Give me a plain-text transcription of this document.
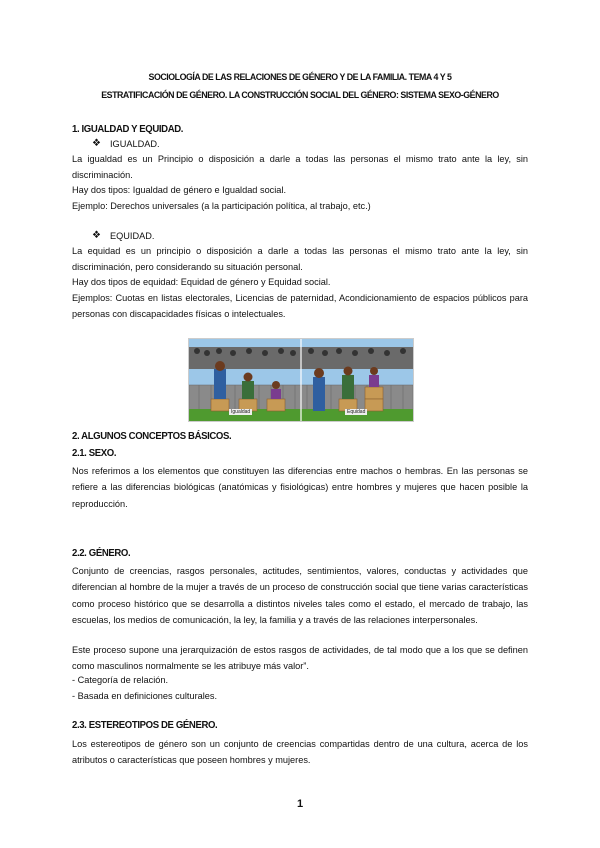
SOCIOLOGÍA DE LAS RELACIONES DE GÉNERO Y DE LA FAMILIA. TEMA 4 Y 5
ESTRATIFICACIÓN DE GÉNERO. LA CONSTRUCCIÓN SOCIAL DEL GÉNERO: SISTEMA SEXO-GÉNERO
1. IGUALDAD Y EQUIDAD.
❖ IGUALDAD.
La igualdad es un Principio o disposición a darle a todas las personas el mismo trato ante la ley, sin discriminación.
Hay dos tipos: Igualdad de género e Igualdad social.
Ejemplo: Derechos universales (a la participación política, al trabajo, etc.)
❖ EQUIDAD.
La equidad es un principio o disposición a darle a todas las personas el mismo trato ante la ley, sin discriminación, pero considerando su situación personal.
Hay dos tipos de equidad: Equidad de género y Equidad social.
Ejemplos: Cuotas en listas electorales, Licencias de paternidad, Acondicionamiento de espacios públicos para personas con discapacidades físicas o intelectuales.
Igualdad	Equidad
2. ALGUNOS CONCEPTOS BÁSICOS.
2.1. SEXO.
Nos referimos a los elementos que constituyen las diferencias entre machos o hembras. En las personas se refiere a las diferencias biológicas (anatómicas y fisiológicas) entre hombres y mujeres que hacen posible la reproducción.
2.2. GÉNERO.
Conjunto de creencias, rasgos personales, actitudes, sentimientos, valores, conductas y actividades que diferencian al hombre de la mujer a través de un proceso de construcción social que tiene varias características como proceso histórico que se desarrolla a distintos niveles tales como el estado, el mercado de trabajo, las escuelas, los medios de comunicación, la ley, la familia y a través de las relaciones interpersonales.
Este proceso supone una jerarquización de estos rasgos de actividades, de tal modo que a los que se definen como masculinos normalmente se les atribuye más valor”.
- Categoría de relación.
- Basada en definiciones culturales.
2.3. ESTEREOTIPOS DE GÉNERO.
Los estereotipos de género son un conjunto de creencias compartidas dentro de una cultura, acerca de los atributos o características que poseen hombres y mujeres.
1
